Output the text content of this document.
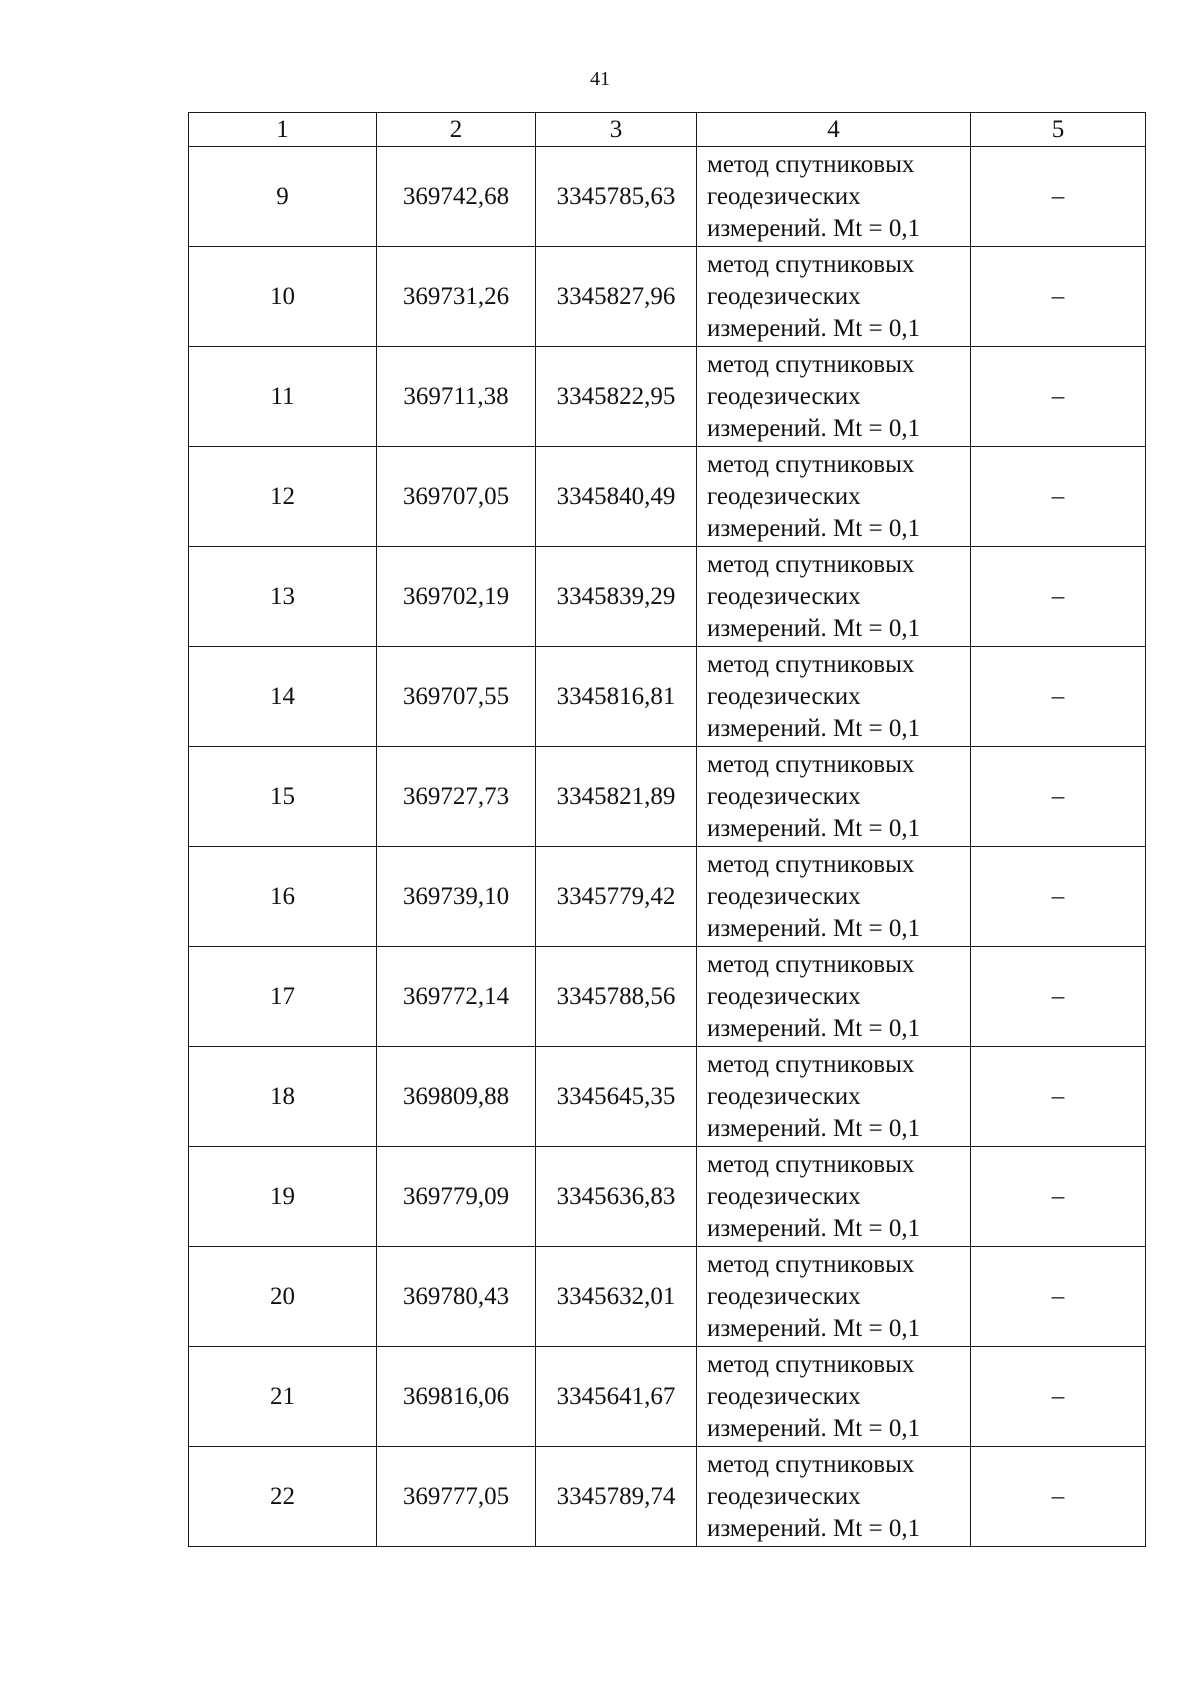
41
1	2	3	4	5
9	369742,68	3345785,63	метод спутниковых геодезических измерений. Mt = 0,1	–
10	369731,26	3345827,96	метод спутниковых геодезических измерений. Mt = 0,1	–
11	369711,38	3345822,95	метод спутниковых геодезических измерений. Mt = 0,1	–
12	369707,05	3345840,49	метод спутниковых геодезических измерений. Mt = 0,1	–
13	369702,19	3345839,29	метод спутниковых геодезических измерений. Mt = 0,1	–
14	369707,55	3345816,81	метод спутниковых геодезических измерений. Mt = 0,1	–
15	369727,73	3345821,89	метод спутниковых геодезических измерений. Mt = 0,1	–
16	369739,10	3345779,42	метод спутниковых геодезических измерений. Mt = 0,1	–
17	369772,14	3345788,56	метод спутниковых геодезических измерений. Mt = 0,1	–
18	369809,88	3345645,35	метод спутниковых геодезических измерений. Mt = 0,1	–
19	369779,09	3345636,83	метод спутниковых геодезических измерений. Mt = 0,1	–
20	369780,43	3345632,01	метод спутниковых геодезических измерений. Mt = 0,1	–
21	369816,06	3345641,67	метод спутниковых геодезических измерений. Mt = 0,1	–
22	369777,05	3345789,74	метод спутниковых геодезических измерений. Mt = 0,1	–
